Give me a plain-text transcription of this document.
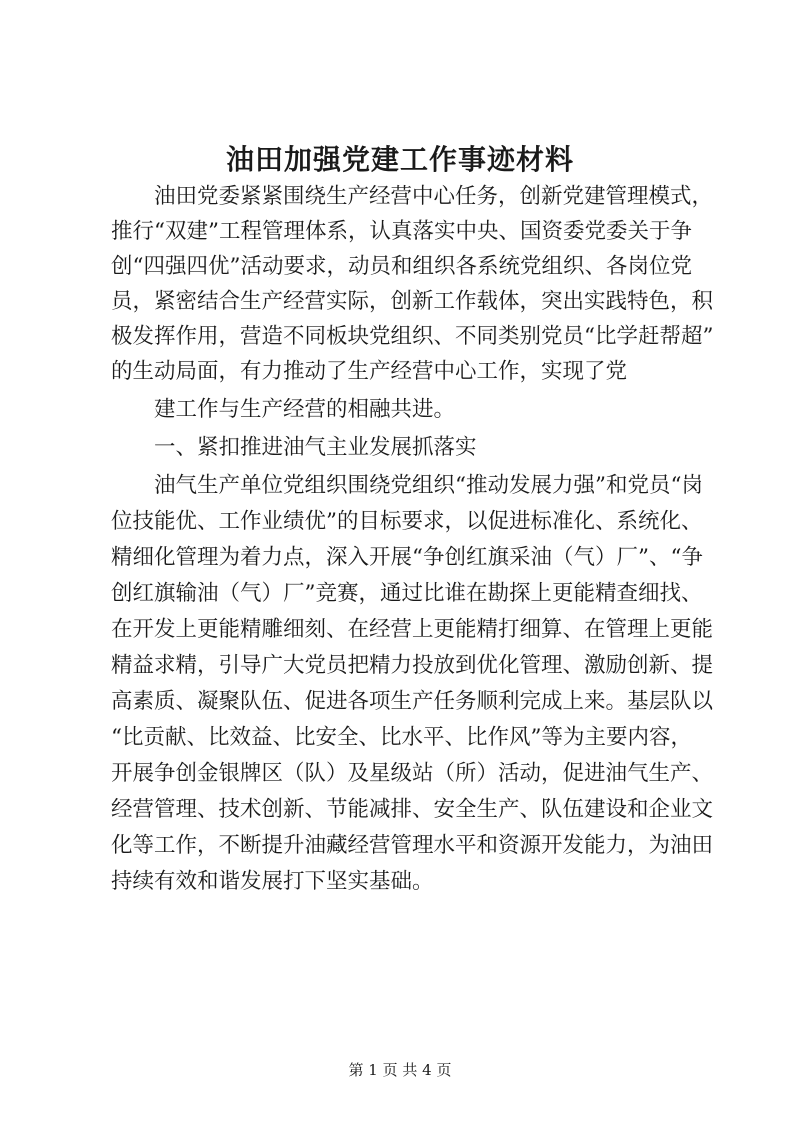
油田加强党建工作事迹材料
　　油田党委紧紧围绕生产经营中心任务，创新党建管理模式，
推行“双建”工程管理体系，认真落实中央、国资委党委关于争
创“四强四优”活动要求，动员和组织各系统党组织、各岗位党
员，紧密结合生产经营实际，创新工作载体，突出实践特色，积
极发挥作用，营造不同板块党组织、不同类别党员“比学赶帮超”
的生动局面，有力推动了生产经营中心工作，实现了党
　　建工作与生产经营的相融共进。
　　一、紧扣推进油气主业发展抓落实
　　油气生产单位党组织围绕党组织“推动发展力强”和党员“岗
位技能优、工作业绩优”的目标要求，以促进标准化、系统化、
精细化管理为着力点，深入开展“争创红旗采油（气）厂”、“争
创红旗输油（气）厂”竞赛，通过比谁在勘探上更能精查细找、
在开发上更能精雕细刻、在经营上更能精打细算、在管理上更能
精益求精，引导广大党员把精力投放到优化管理、激励创新、提
高素质、凝聚队伍、促进各项生产任务顺利完成上来。基层队以
“比贡献、比效益、比安全、比水平、比作风”等为主要内容，
开展争创金银牌区（队）及星级站（所）活动，促进油气生产、
经营管理、技术创新、节能减排、安全生产、队伍建设和企业文
化等工作，不断提升油藏经营管理水平和资源开发能力，为油田
持续有效和谐发展打下坚实基础。
第 1 页 共 4 页
